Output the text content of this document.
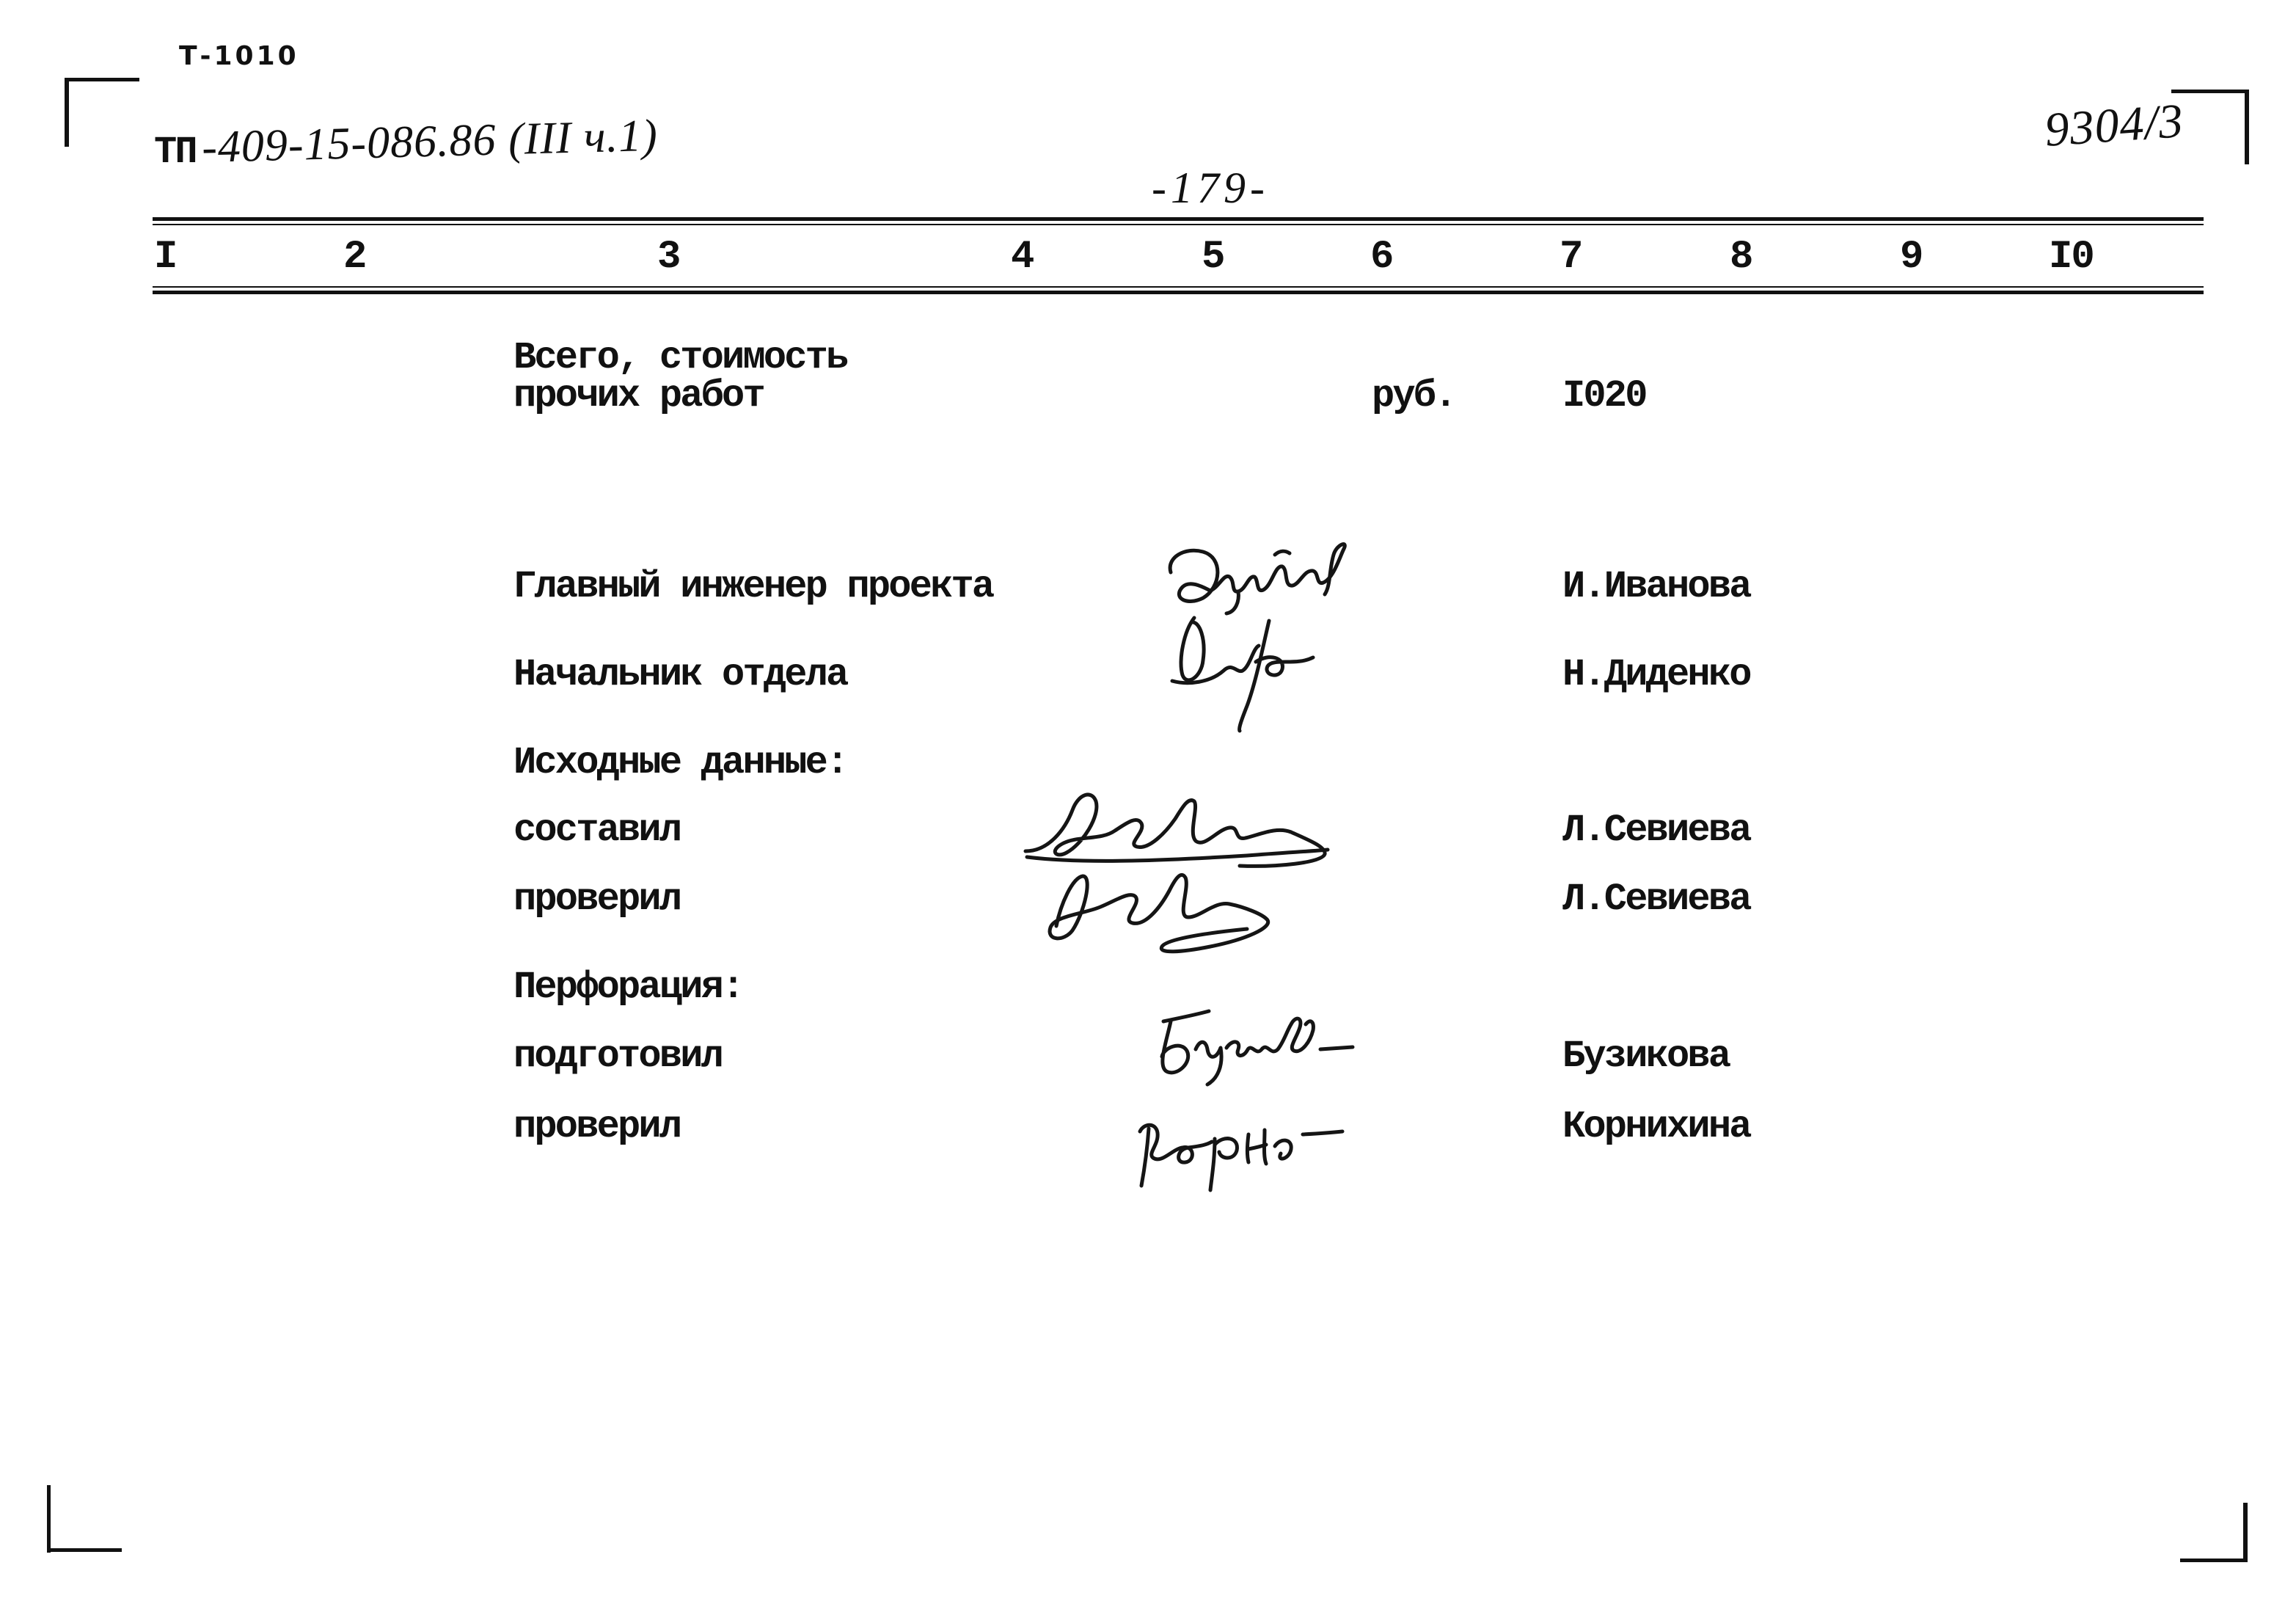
Т-1010
ТП -409-15-086.86 (III ч.1)
-179-
9304/3
I	2	3	4	5	6	7	8	9	I0
Всего, стоимость
прочих работ	руб.	I020
Главный инженер проекта	И.Иванова
Начальник отдела	Н.Диденко
Исходные данные:
составил	Л.Севиева
проверил	Л.Севиева
Перфорация:
подготовил	Бузикова
проверил	Корнихина
